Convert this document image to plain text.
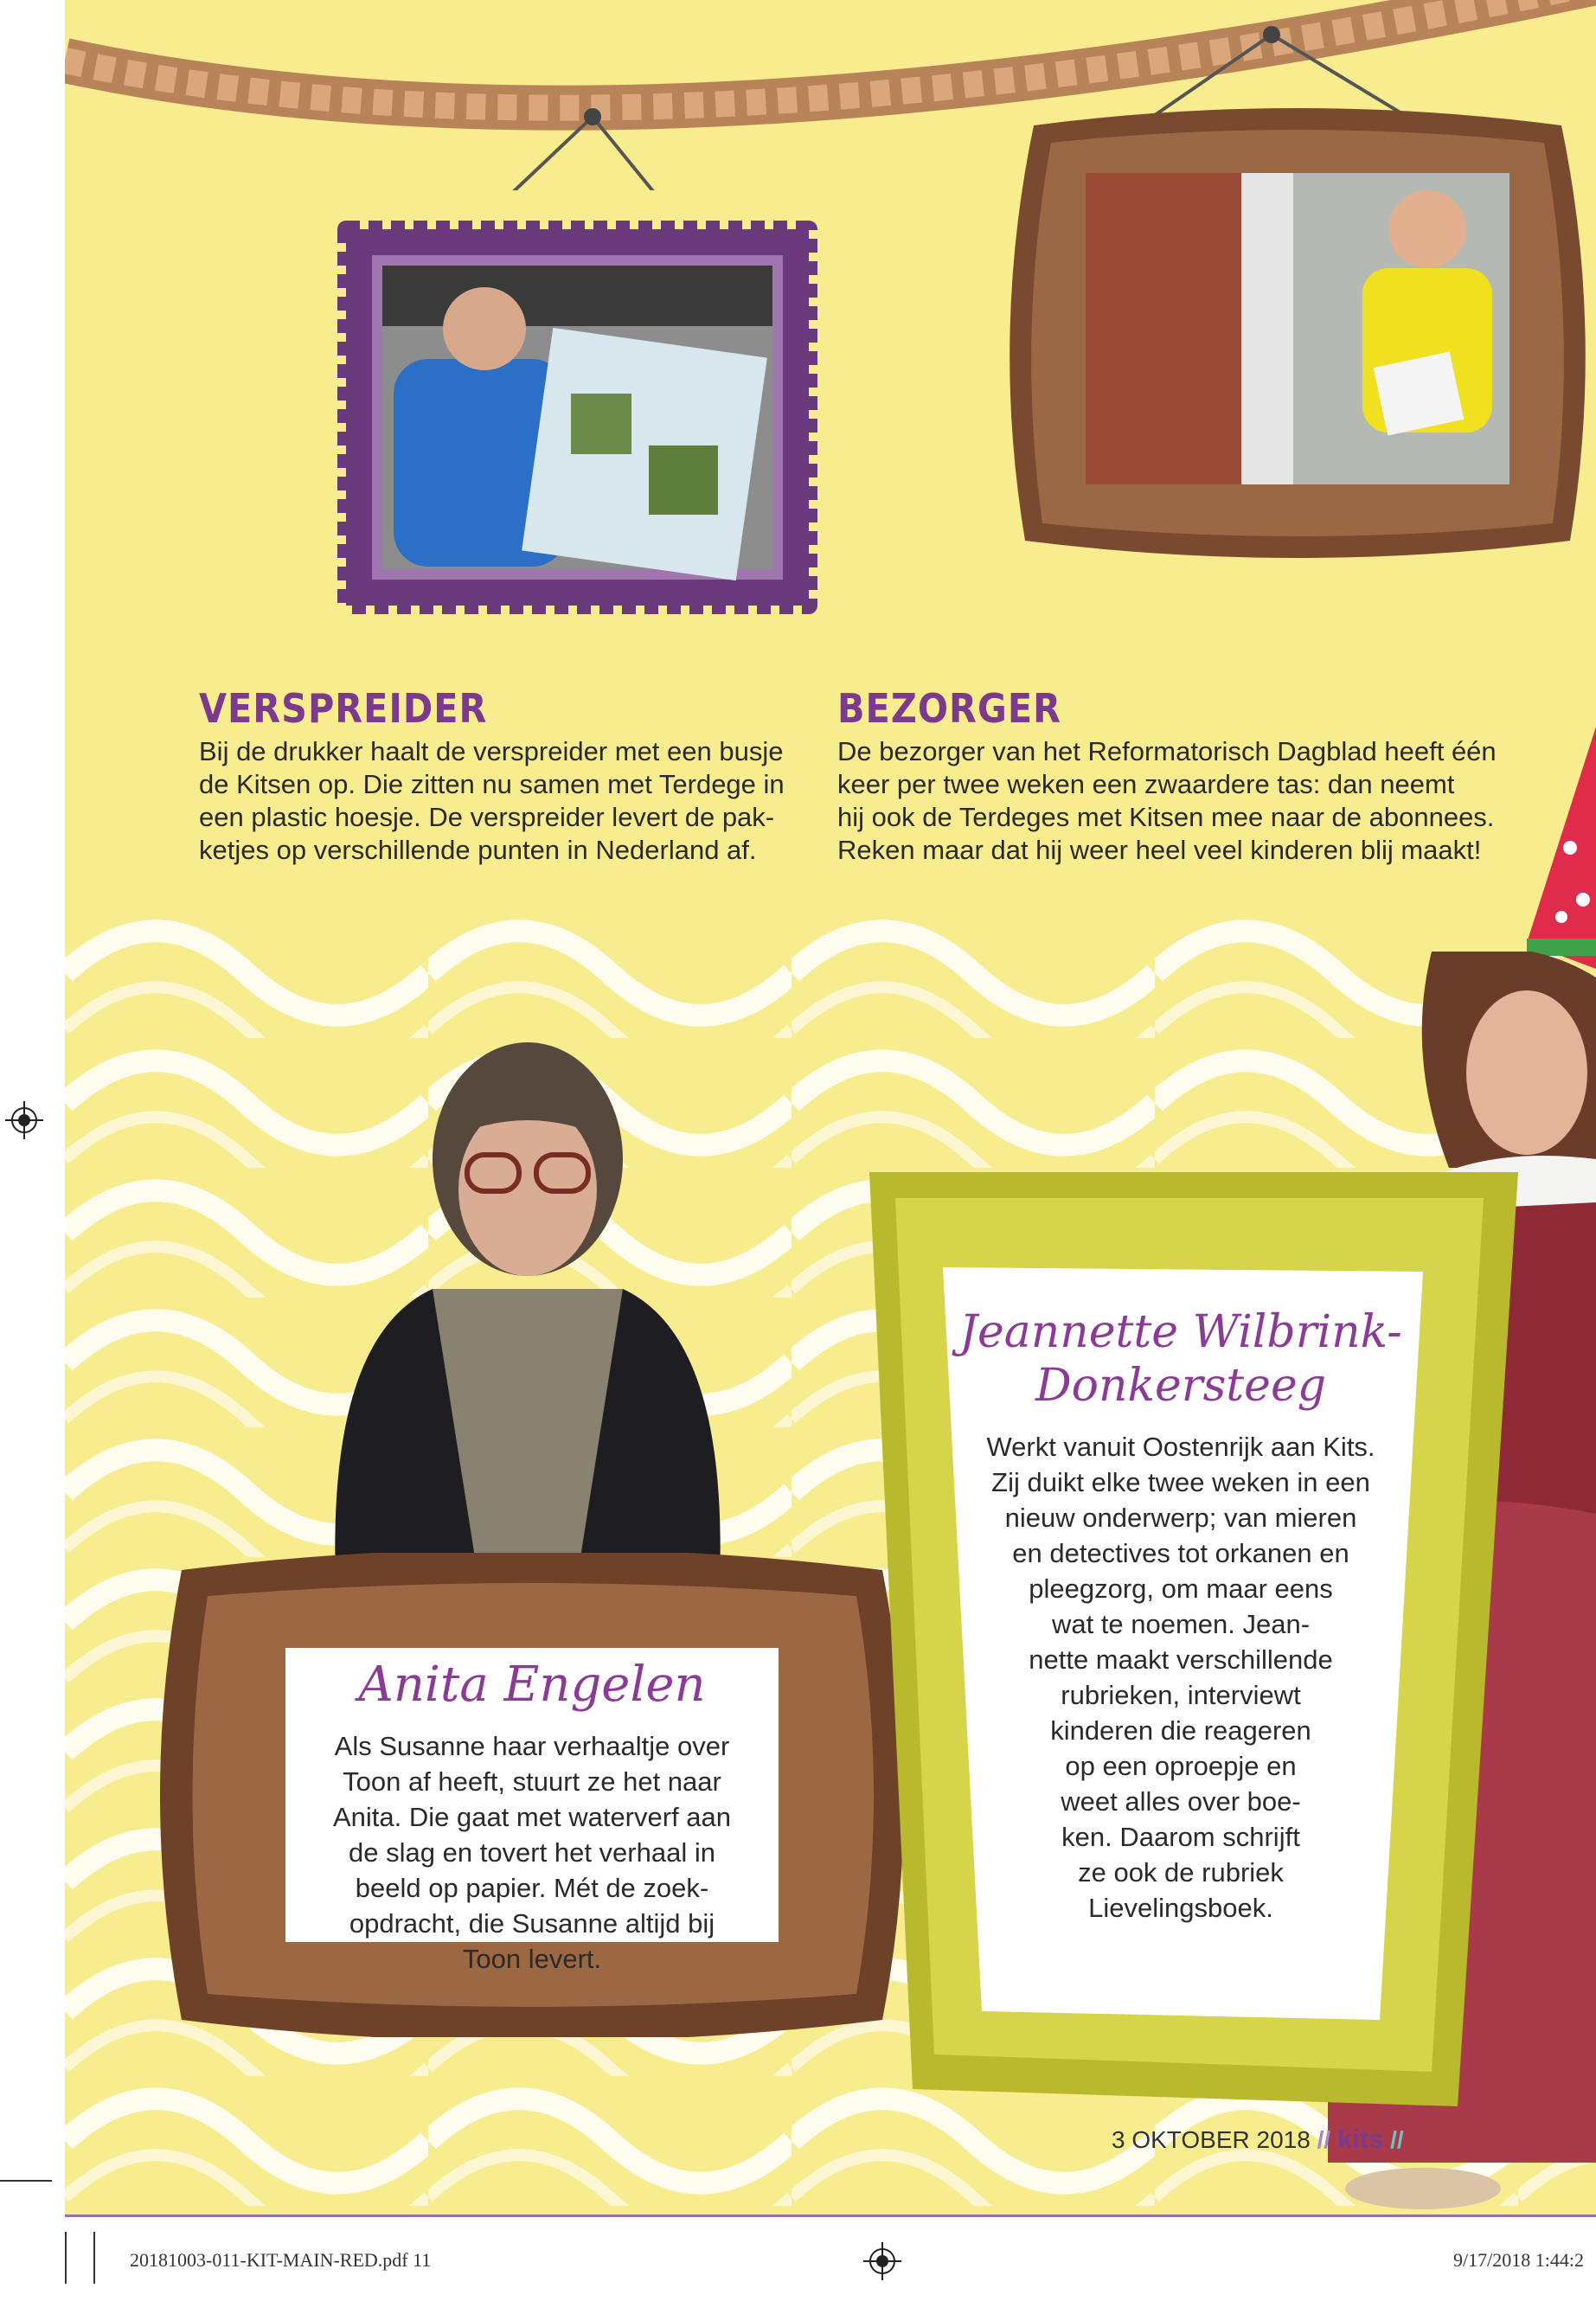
VERSPREIDER

Bij de drukker haalt de verspreider met een busje

de Kitsen op. Die zitten nu samen met Terdege in

een plastic hoesje. De verspreider levert de pak-

ketjes op verschillende punten in Nederland af.

BEZORGER

De bezorger van het Reformatorisch Dagblad heeft één

keer per twee weken een zwaardere tas: dan neemt

hij ook de Terdeges met Kitsen mee naar de abonnees.

Reken maar dat hij weer heel veel kinderen blij maakt!

Anita Engelen

Als Susanne haar verhaaltje over

Toon af heeft, stuurt ze het naar

Anita. Die gaat met waterverf aan

de slag en tovert het verhaal in

beeld op papier. Mét de zoek-

opdracht, die Susanne altijd bij

Toon levert.

Jeannette Wilbrink-

Donkersteeg

Werkt vanuit Oostenrijk aan Kits.

Zij duikt elke twee weken in een

nieuw onderwerp; van mieren

en detectives tot orkanen en

pleegzorg, om maar eens

wat te noemen. Jean-

nette maakt verschillende

rubrieken, interviewt

kinderen die reageren

op een oproepje en

weet alles over boe-

ken. Daarom schrijft

ze ook de rubriek

Lievelingsboek.

3 OKTOBER 2018 // kits //
20181003-011-KIT-MAIN-RED.pdf 11	9/17/2018 1:44:2
